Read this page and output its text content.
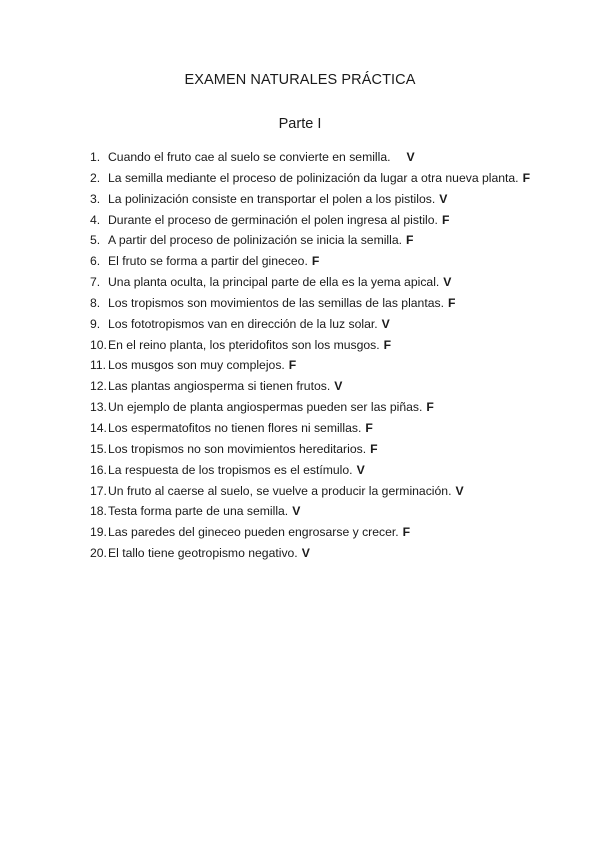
EXAMEN NATURALES PRÁCTICA
Parte I
1. Cuando el fruto cae al suelo se convierte en semilla. V
2. La semilla mediante el proceso de polinización da lugar a otra nueva planta. F
3. La polinización consiste en transportar el polen a los pistilos. V
4. Durante el proceso de germinación el polen ingresa al pistilo. F
5. A partir del proceso de polinización se inicia la semilla. F
6. El fruto se forma a partir del gineceo. F
7. Una planta oculta, la principal parte de ella es la yema apical. V
8. Los tropismos son movimientos de las semillas de las plantas. F
9. Los fototropismos van en dirección de la luz solar. V
10. En el reino planta, los pteridofitos son los musgos. F
11. Los musgos son muy complejos. F
12. Las plantas angiosperma si tienen frutos. V
13. Un ejemplo de planta angiospermas pueden ser las piñas. F
14. Los espermatofitos no tienen flores ni semillas. F
15. Los tropismos no son movimientos hereditarios. F
16. La respuesta de los tropismos es el estímulo. V
17. Un fruto al caerse al suelo, se vuelve a producir la germinación. V
18. Testa forma parte de una semilla. V
19. Las paredes del gineceo pueden engrosarse y crecer. F
20. El tallo tiene geotropismo negativo. V
